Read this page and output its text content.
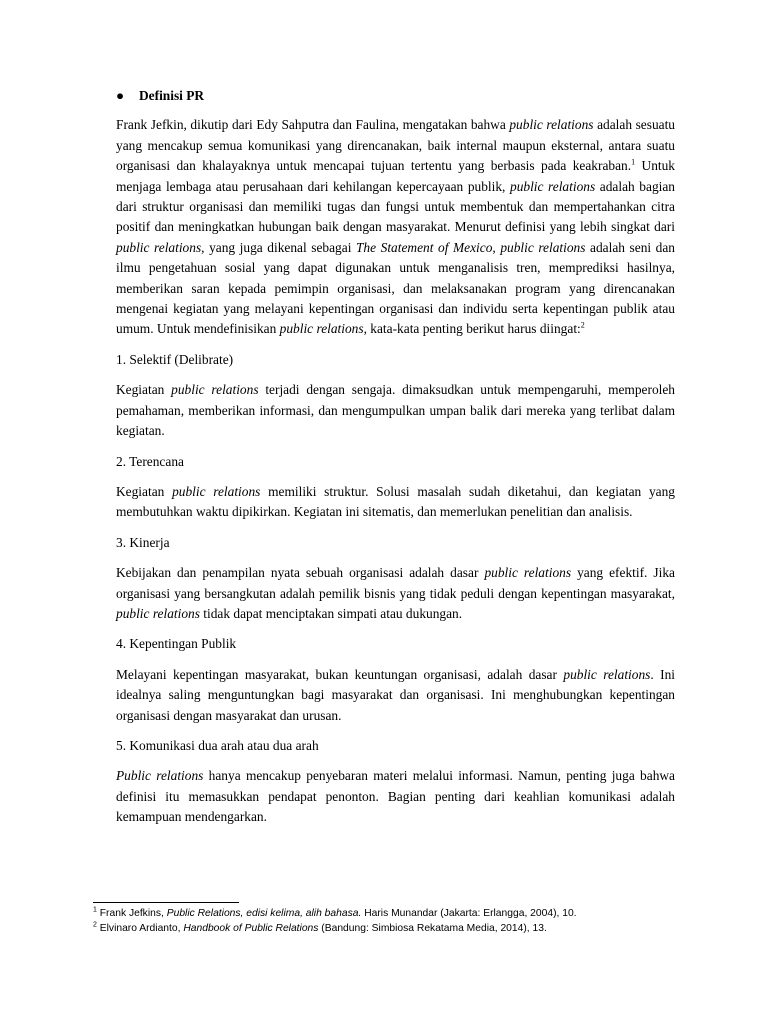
●	Definisi PR

Frank Jefkin, dikutip dari Edy Sahputra dan Faulina, mengatakan bahwa public relations adalah sesuatu yang mencakup semua komunikasi yang direncanakan, baik internal maupun eksternal, antara suatu organisasi dan khalayaknya untuk mencapai tujuan tertentu yang berbasis pada keakraban.$^1$ Untuk menjaga lembaga atau perusahaan dari kehilangan kepercayaan publik, public relations adalah bagian dari struktur organisasi dan memiliki tugas dan fungsi untuk membentuk dan mempertahankan citra positif dan meningkatkan hubungan baik dengan masyarakat. Menurut definisi yang lebih singkat dari public relations, yang juga dikenal sebagai The Statement of Mexico, public relations adalah seni dan ilmu pengetahuan sosial yang dapat digunakan untuk menganalisis tren, memprediksi hasilnya, memberikan saran kepada pemimpin organisasi, dan melaksanakan program yang direncanakan mengenai kegiatan yang melayani kepentingan organisasi dan individu serta kepentingan publik atau umum. Untuk mendefinisikan public relations, kata-kata penting berikut harus diingat:$^2$

1. Selektif (Delibrate)

Kegiatan public relations terjadi dengan sengaja. dimaksudkan untuk mempengaruhi, memperoleh pemahaman, memberikan informasi, dan mengumpulkan umpan balik dari mereka yang terlibat dalam kegiatan.

2. Terencana

Kegiatan public relations memiliki struktur. Solusi masalah sudah diketahui, dan kegiatan yang membutuhkan waktu dipikirkan. Kegiatan ini sitematis, dan memerlukan penelitian dan analisis.

3. Kinerja

Kebijakan dan penampilan nyata sebuah organisasi adalah dasar public relations yang efektif. Jika organisasi yang bersangkutan adalah pemilik bisnis yang tidak peduli dengan kepentingan masyarakat, public relations tidak dapat menciptakan simpati atau dukungan.

4. Kepentingan Publik

Melayani kepentingan masyarakat, bukan keuntungan organisasi, adalah dasar public relations. Ini idealnya saling menguntungkan bagi masyarakat dan organisasi. Ini menghubungkan kepentingan organisasi dengan masyarakat dan urusan.

5. Komunikasi dua arah atau dua arah

Public relations hanya mencakup penyebaran materi melalui informasi. Namun, penting juga bahwa definisi itu memasukkan pendapat penonton. Bagian penting dari keahlian komunikasi adalah kemampuan mendengarkan.

$^1$ Frank Jefkins, Public Relations, edisi kelima, alih bahasa. Haris Munandar (Jakarta: Erlangga, 2004), 10.
$^2$ Elvinaro Ardianto, Handbook of Public Relations (Bandung: Simbiosa Rekatama Media, 2014), 13.
